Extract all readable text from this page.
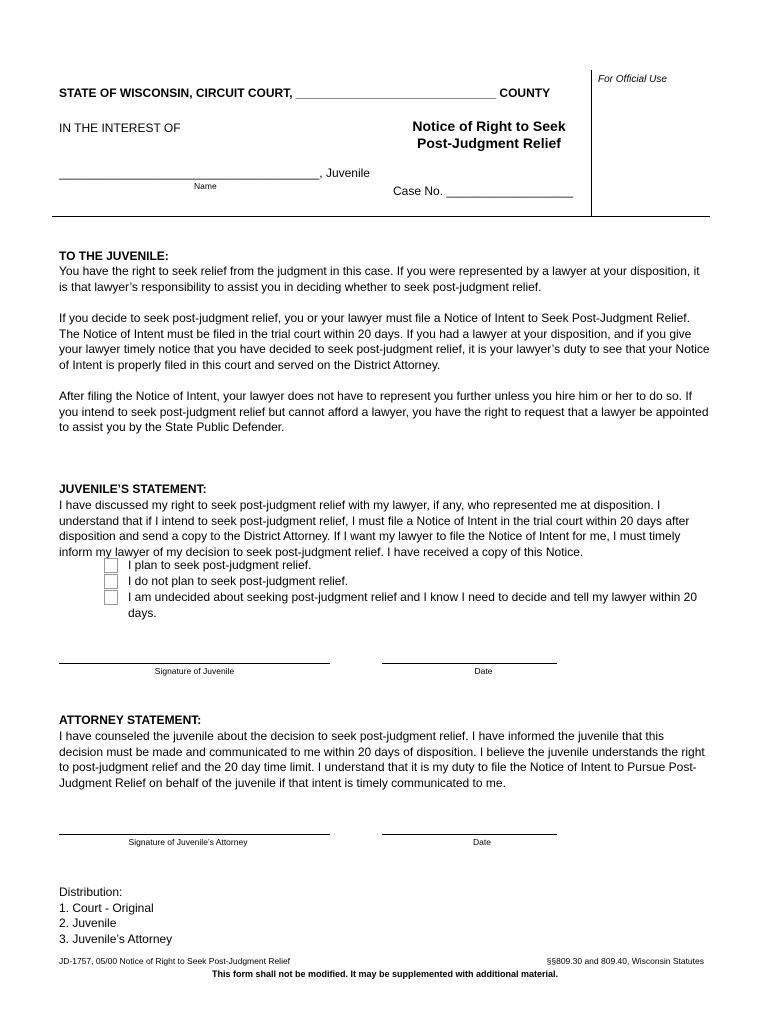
STATE OF WISCONSIN, CIRCUIT COURT, ______________________________ COUNTY
For Official Use
IN THE INTEREST OF	Notice of Right to Seek
Post-Judgment Relief
_______________________________________, Juvenile
Name	Case No. ___________________
TO THE JUVENILE:
You have the right to seek relief from the judgment in this case. If you were represented by a lawyer at your disposition, it is that lawyer’s responsibility to assist you in deciding whether to seek post-judgment relief.
If you decide to seek post-judgment relief, you or your lawyer must file a Notice of Intent to Seek Post-Judgment Relief. The Notice of Intent must be filed in the trial court within 20 days. If you had a lawyer at your disposition, and if you give your lawyer timely notice that you have decided to seek post-judgment relief, it is your lawyer’s duty to see that your Notice of Intent is properly filed in this court and served on the District Attorney.
After filing the Notice of Intent, your lawyer does not have to represent you further unless you hire him or her to do so. If you intend to seek post-judgment relief but cannot afford a lawyer, you have the right to request that a lawyer be appointed to assist you by the State Public Defender.
JUVENILE’S STATEMENT:
I have discussed my right to seek post-judgment relief with my lawyer, if any, who represented me at disposition. I understand that if I intend to seek post-judgment relief, I must file a Notice of Intent in the trial court within 20 days after disposition and send a copy to the District Attorney. If I want my lawyer to file the Notice of Intent for me, I must timely inform my lawyer of my decision to seek post-judgment relief. I have received a copy of this Notice.
I plan to seek post-judgment relief.
I do not plan to seek post-judgment relief.
I am undecided about seeking post-judgment relief and I know I need to decide and tell my lawyer within 20 days.
Signature of Juvenile	Date
ATTORNEY STATEMENT:
I have counseled the juvenile about the decision to seek post-judgment relief. I have informed the juvenile that this decision must be made and communicated to me within 20 days of disposition. I believe the juvenile understands the right to post-judgment relief and the 20 day time limit. I understand that it is my duty to file the Notice of Intent to Pursue Post-Judgment Relief on behalf of the juvenile if that intent is timely communicated to me.
Signature of Juvenile’s Attorney	Date
Distribution:
1. Court - Original
2. Juvenile
3. Juvenile’s Attorney
JD-1757, 05/00 Notice of Right to Seek Post-Judgment Relief	§§809.30 and 809.40, Wisconsin Statutes
This form shall not be modified. It may be supplemented with additional material.
